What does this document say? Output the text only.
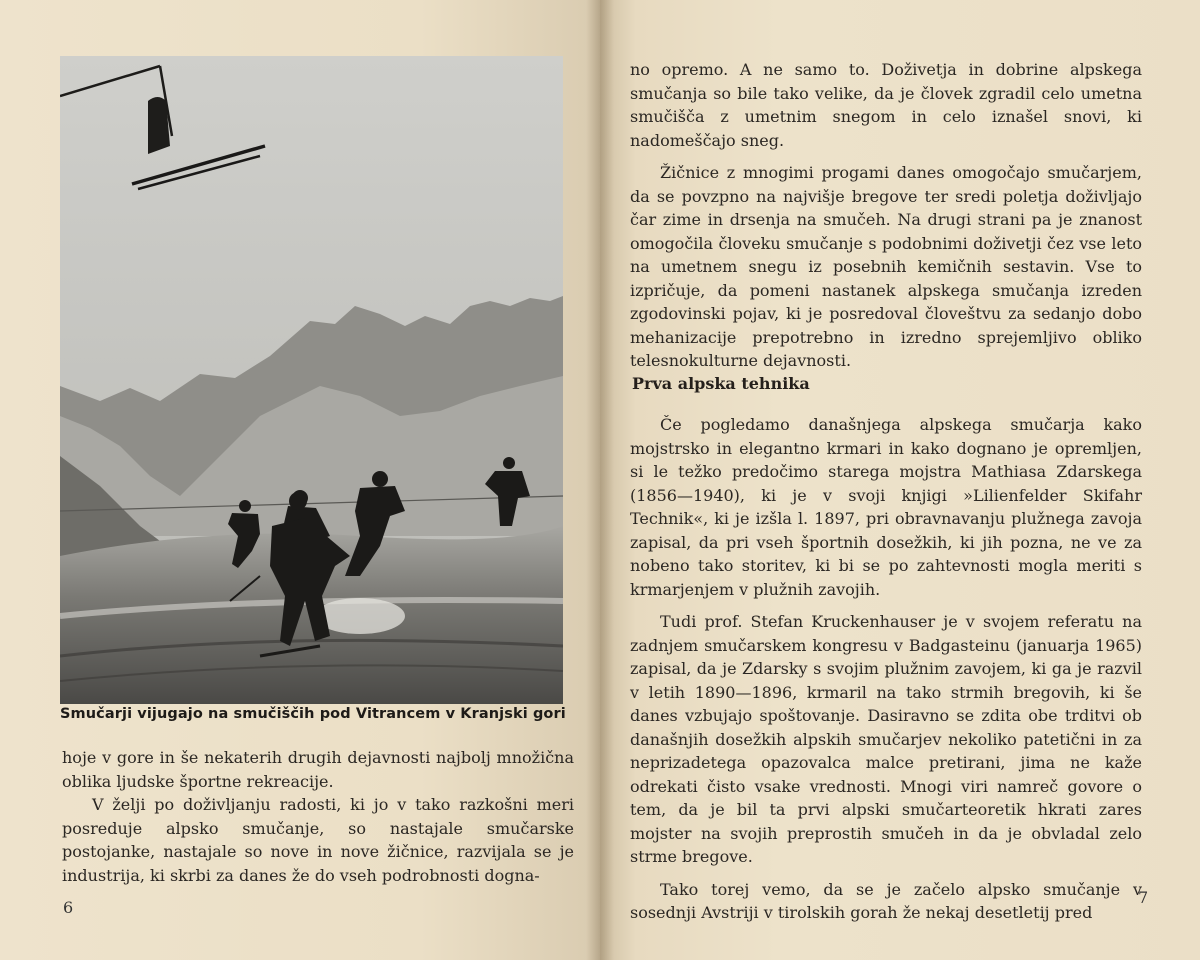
Smučarji vijugajo na smučiščih pod Vitrancem v Kranjski gori

hoje v gore in še nekaterih drugih dejavnosti najbolj množična oblika ljudske športne rekreacije.

V želji po doživljanju radosti, ki jo v tako razkošni meri posreduje alpsko smučanje, so nastajale smučarske postojanke, nastajale so nove in nove žičnice, razvijala se je industrija, ki skrbi za danes že do vseh podrobnosti dogna-

6

no opremo. A ne samo to. Doživetja in dobrine alpskega smučanja so bile tako velike, da je človek zgradil celo umetna smučišča z umetnim snegom in celo iznašel snovi, ki nadomeščajo sneg.

Žičnice z mnogimi progami danes omogočajo smučarjem, da se povzpno na najvišje bregove ter sredi poletja doživljajo čar zime in drsenja na smučeh. Na drugi strani pa je znanost omogočila človeku smučanje s podobnimi doživetji čez vse leto na umetnem snegu iz posebnih kemičnih sestavin. Vse to izpričuje, da pomeni nastanek alpskega smučanja izreden zgodovinski pojav, ki je posredoval človeštvu za sedanjo dobo mehanizacije prepotrebno in izredno sprejemljivo obliko telesnokulturne dejavnosti.

Prva alpska tehnika

Če pogledamo današnjega alpskega smučarja kako mojstrsko in elegantno krmari in kako dognano je opremljen, si le težko predočimo starega mojstra Mathiasa Zdarskega (1856—1940), ki je v svoji knjigi »Lilienfelder Skifahr Technik«, ki je izšla l. 1897, pri obravnavanju plužnega zavoja zapisal, da pri vseh športnih dosežkih, ki jih pozna, ne ve za nobeno tako storitev, ki bi se po zahtevnosti mogla meriti s krmarjenjem v plužnih zavojih.

Tudi prof. Stefan Kruckenhauser je v svojem referatu na zadnjem smučarskem kongresu v Badgasteinu (januarja 1965) zapisal, da je Zdarsky s svojim plužnim zavojem, ki ga je razvil v letih 1890—1896, krmaril na tako strmih bregovih, ki še danes vzbujajo spoštovanje. Dasiravno se zdita obe trditvi ob današnjih dosežkih alpskih smučarjev nekoliko patetični in za neprizadetega opazovalca malce pretirani, jima ne kaže odrekati čisto vsake vrednosti. Mnogi viri namreč govore o tem, da je bil ta prvi alpski smučarteoretik hkrati zares mojster na svojih preprostih smučeh in da je obvladal zelo strme bregove.

Tako torej vemo, da se je začelo alpsko smučanje v sosednji Avstriji v tirolskih gorah že nekaj desetletij pred

7
